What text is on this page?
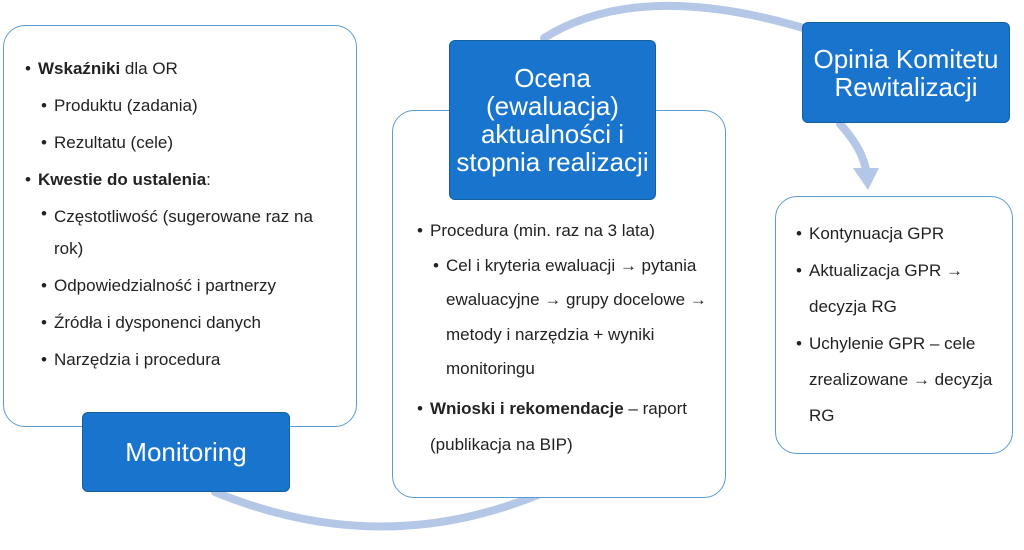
• Wskaźniki dla OR
• Produktu (zadania)
• Rezultatu (cele)
• Kwestie do ustalenia:
• Częstotliwość (sugerowane raz na rok)
• Odpowiedzialność i partnerzy
• Źródła i dysponenci danych
• Narzędzia i procedura
Monitoring
• Procedura (min. raz na 3 lata)
• Cel i kryteria ewaluacji → pytania ewaluacyjne → grupy docelowe → metody i narzędzia + wyniki monitoringu
• Wnioski i rekomendacje – raport (publikacja na BIP)
Ocena (ewaluacja) aktualności i stopnia realizacji
• Kontynuacja GPR
• Aktualizacja GPR → decyzja RG
• Uchylenie GPR – cele zrealizowane → decyzja RG
Opinia Komitetu Rewitalizacji
